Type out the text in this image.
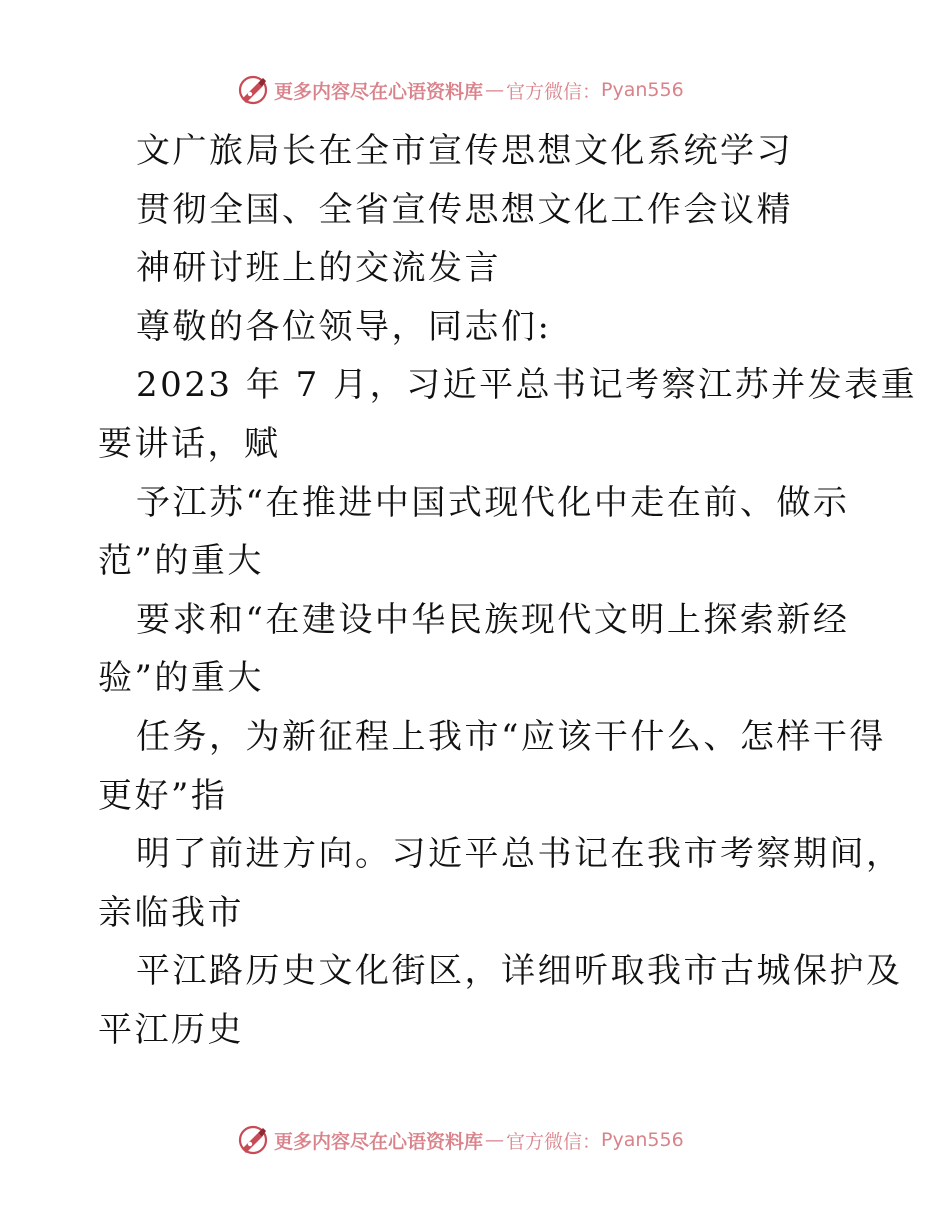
更多内容尽在心语资料库 — 官方微信： Pyan556
文广旅局长在全市宣传思想文化系统学习
贯彻全国、全省宣传思想文化工作会议精
神研讨班上的交流发言
尊敬的各位领导，同志们:
2023 年 7 月，习近平总书记考察江苏并发表重
要讲话，赋
予江苏“在推进中国式现代化中走在前、做示
范”的重大
要求和“在建设中华民族现代文明上探索新经
验”的重大
任务，为新征程上我市“应该干什么、怎样干得
更好”指
明了前进方向。习近平总书记在我市考察期间，
亲临我市
平江路历史文化街区，详细听取我市古城保护及
平江历史
更多内容尽在心语资料库 — 官方微信： Pyan556
